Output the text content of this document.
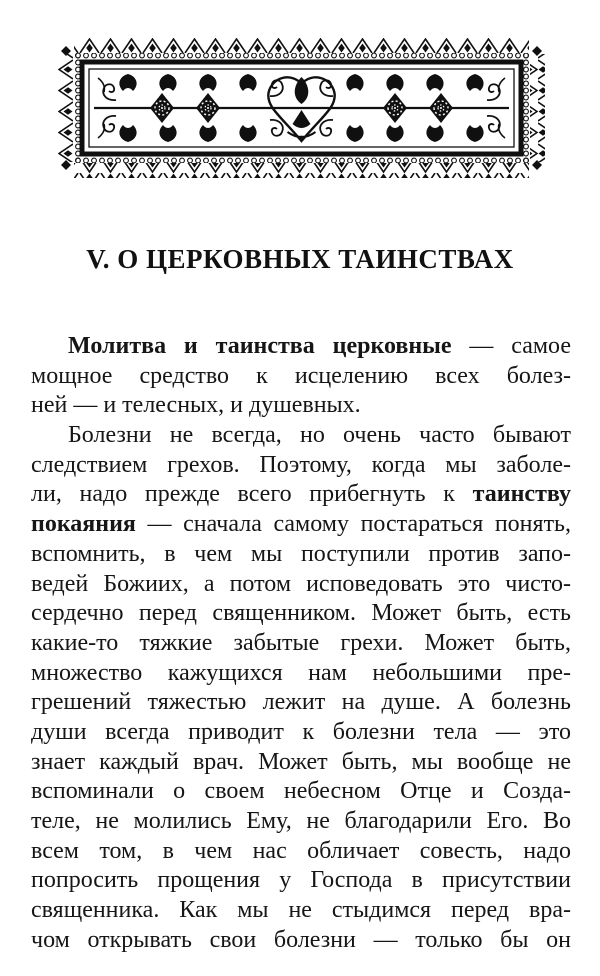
V. О ЦЕРКОВНЫХ ТАИНСТВАХ
Молитва и таинства церковные — самое
мощное средство к исцелению всех болез-
ней — и телесных, и душевных.
Болезни не всегда, но очень часто бывают
следствием грехов. Поэтому, когда мы заболе-
ли, надо прежде всего прибегнуть к таинству
покаяния — сначала самому постараться понять,
вспомнить, в чем мы поступили против запо-
ведей Божиих, а потом исповедовать это чисто-
сердечно перед священником. Может быть, есть
какие-то тяжкие забытые грехи. Может быть,
множество кажущихся нам небольшими пре-
грешений тяжестью лежит на душе. А болезнь
души всегда приводит к болезни тела — это
знает каждый врач. Может быть, мы вообще не
вспоминали о своем небесном Отце и Созда-
теле, не молились Ему, не благодарили Его. Во
всем том, в чем нас обличает совесть, надо
попросить прощения у Господа в присутствии
священника. Как мы не стыдимся перед вра-
чом открывать свои болезни — только бы он
